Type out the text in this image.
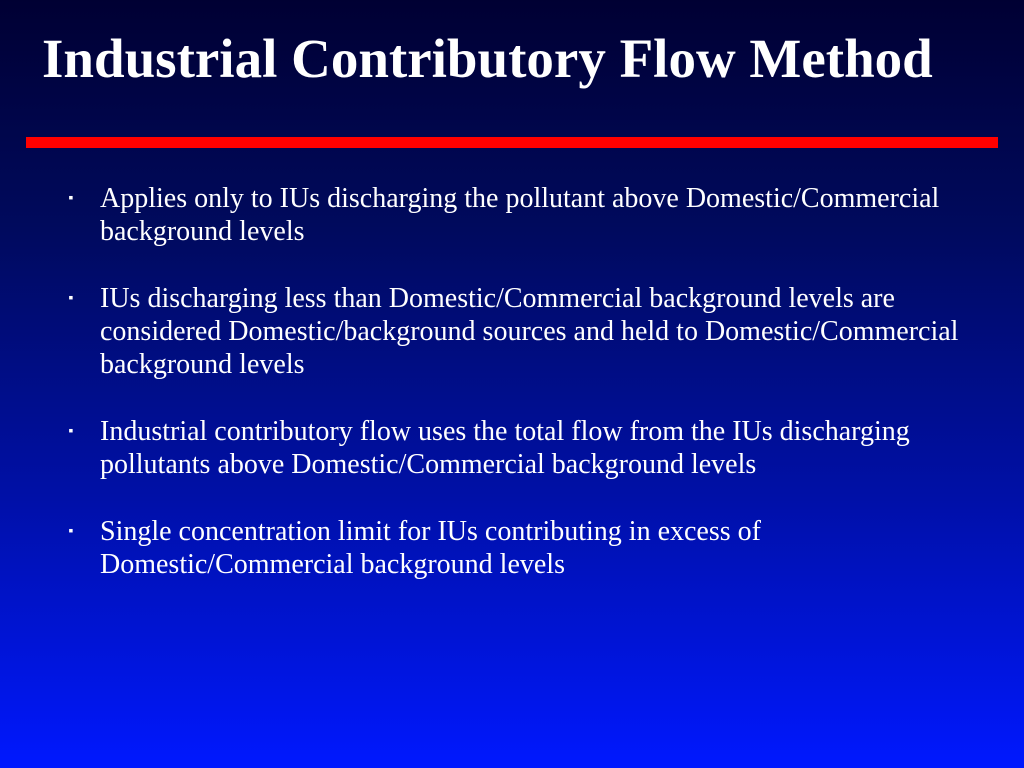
Industrial Contributory Flow Method
▪ Applies only to IUs discharging the pollutant above Domestic/Commercial background levels
▪ IUs discharging less than Domestic/Commercial background levels are considered Domestic/background sources and held to Domestic/Commercial background levels
▪ Industrial contributory flow uses the total flow from the IUs discharging pollutants above Domestic/Commercial background levels
▪ Single concentration limit for IUs contributing in excess of Domestic/Commercial background levels
